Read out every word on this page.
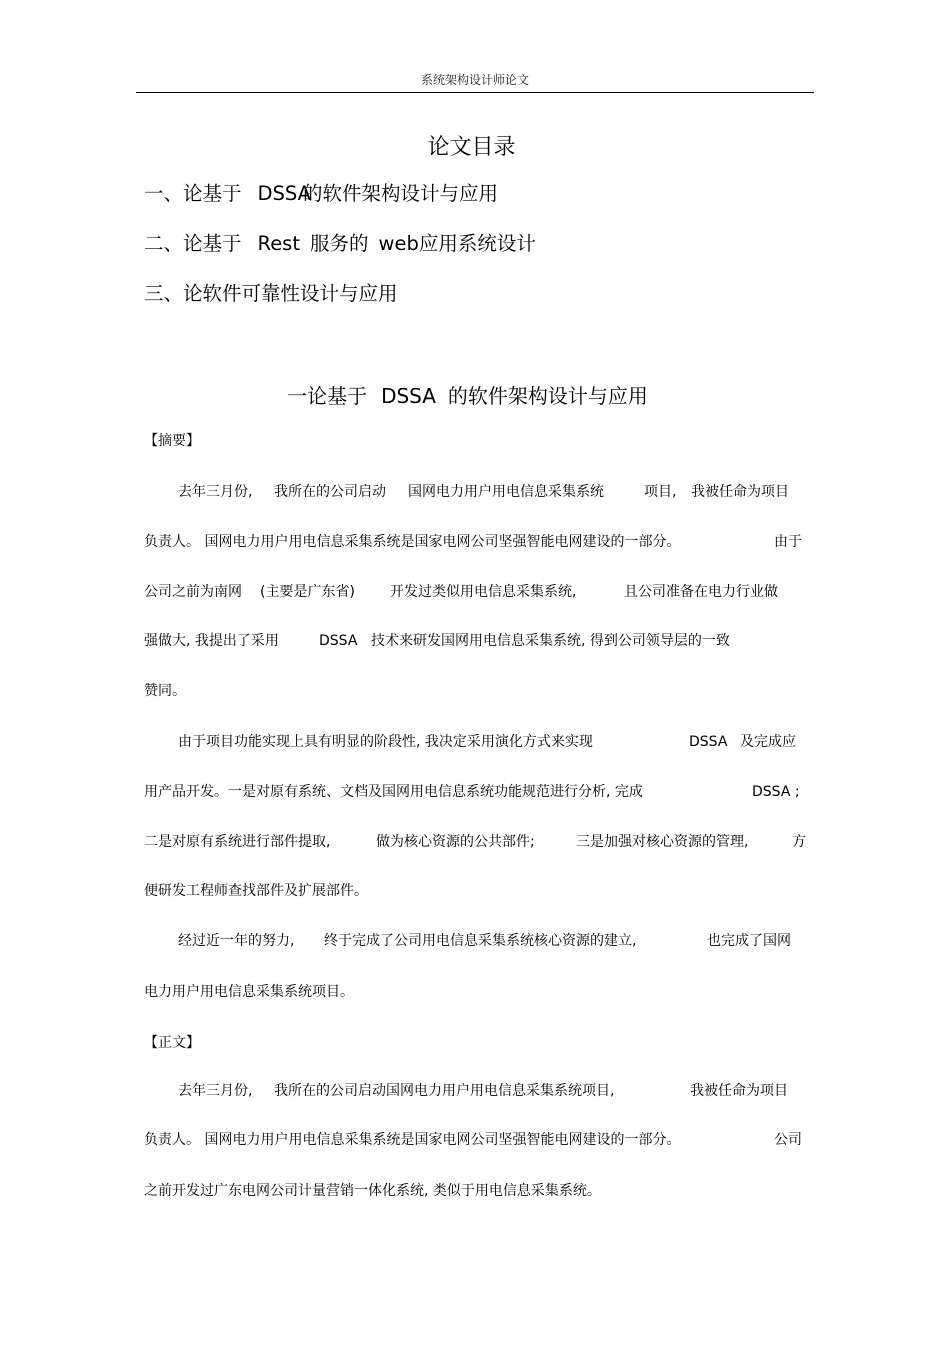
系统架构设计师论文
论文目录
一、论基于 DSSA的软件架构设计与应用
二、论基于 Rest 服务的 web应用系统设计
三、论软件可靠性设计与应用
一论基于 DSSA 的软件架构设计与应用
【摘要】
去年三月份, 我所在的公司启动 国网电力用户用电信息采集系统	项目, 我被任命为项目
负责人。 国网电力用户用电信息采集系统是国家电网公司坚强智能电网建设的一部分。	由于
公司之前为南网 (主要是广东省)	开发过类似用电信息采集系统,	且公司准备在电力行业做
强做大, 我提出了采用	DSSA 技术来研发国网用电信息采集系统, 得到公司领导层的一致
赞同。
由于项目功能实现上具有明显的阶段性, 我决定采用演化方式来实现	DSSA 及完成应
用产品开发。一是对原有系统、文档及国网用电信息系统功能规范进行分析, 完成	DSSA ;
二是对原有系统进行部件提取,	做为核心资源的公共部件;	三是加强对核心资源的管理,	方
便研发工程师查找部件及扩展部件。
经过近一年的努力, 终于完成了公司用电信息采集系统核心资源的建立,	也完成了国网
电力用户用电信息采集系统项目。
【正文】
去年三月份, 我所在的公司启动国网电力用户用电信息采集系统项目,	我被任命为项目
负责人。 国网电力用户用电信息采集系统是国家电网公司坚强智能电网建设的一部分。	公司
之前开发过广东电网公司计量营销一体化系统, 类似于用电信息采集系统。
